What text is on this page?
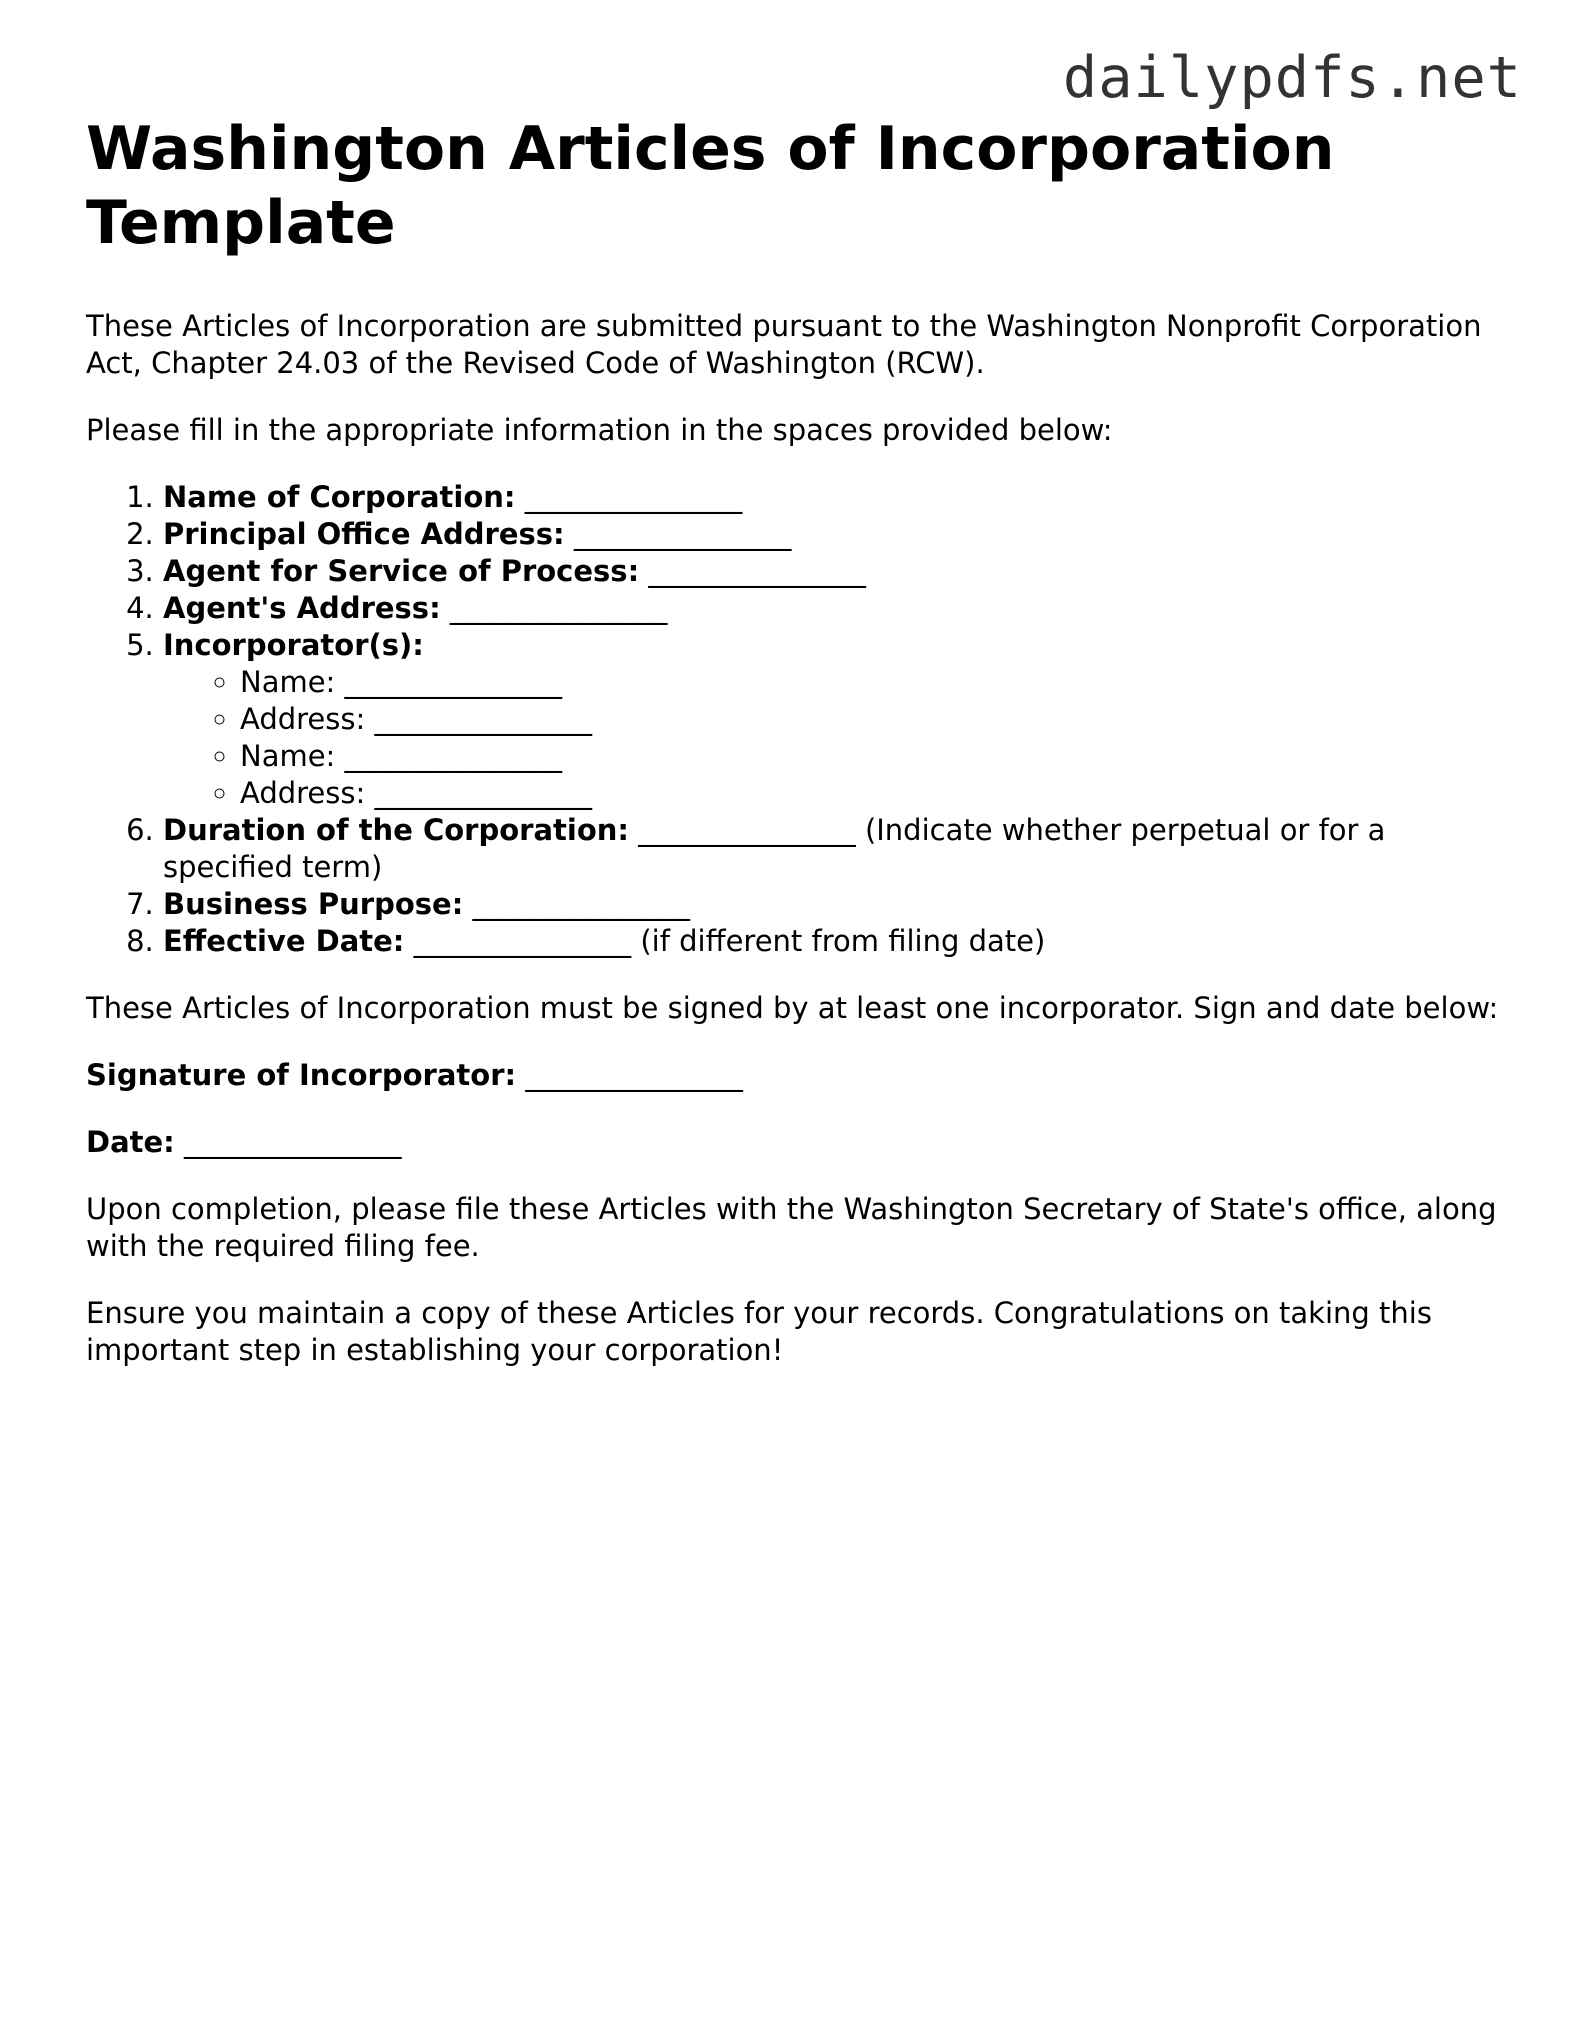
dailypdfs.net
Washington Articles of Incorporation Template

These Articles of Incorporation are submitted pursuant to the Washington Nonprofit Corporation Act, Chapter 24.03 of the Revised Code of Washington (RCW).

Please fill in the appropriate information in the spaces provided below:

1. Name of Corporation: _______________
2. Principal Office Address: _______________
3. Agent for Service of Process: _______________
4. Agent's Address: _______________
5. Incorporator(s):
◦ Name: _______________
◦ Address: _______________
◦ Name: _______________
◦ Address: _______________
6. Duration of the Corporation: _______________ (Indicate whether perpetual or for a specified term)
7. Business Purpose: _______________
8. Effective Date: _______________ (if different from filing date)

These Articles of Incorporation must be signed by at least one incorporator. Sign and date below:

Signature of Incorporator: _______________

Date: _______________

Upon completion, please file these Articles with the Washington Secretary of State's office, along with the required filing fee.

Ensure you maintain a copy of these Articles for your records. Congratulations on taking this important step in establishing your corporation!
